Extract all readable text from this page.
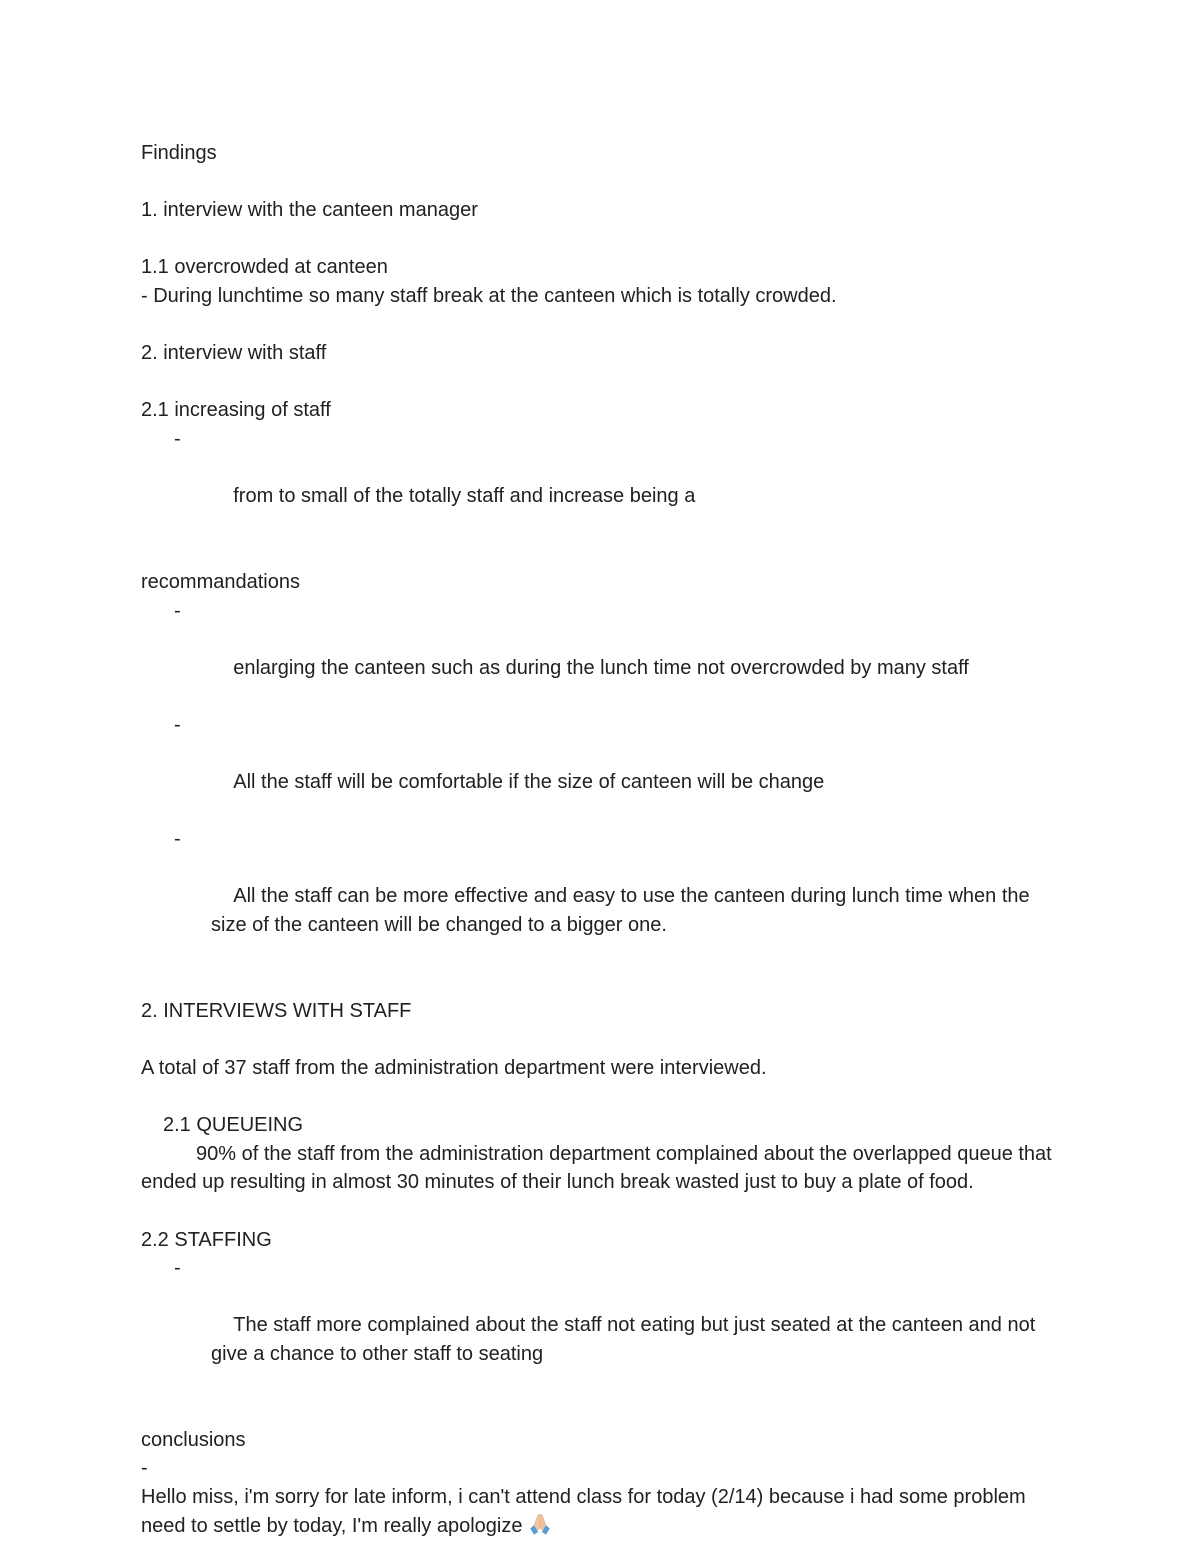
Findings
1. interview with the canteen manager
1.1 overcrowded at canteen
- During lunchtime so many staff break at the canteen which is totally crowded.
2. interview with staff
2.1 increasing of staff

-

from to small of the totally staff and increase being a

recommandations

-

enlarging the canteen such as during the lunch time not overcrowded by many staff

-

All the staff will be comfortable if the size of canteen will be change

-

All the staff can be more effective and easy to use the canteen during lunch time when the size of the canteen will be changed to a bigger one.

2. INTERVIEWS WITH STAFF
A total of 37 staff from the administration department were interviewed.
2.1 QUEUEING
90% of the staff from the administration department complained about the overlapped queue that ended up resulting in almost 30 minutes of their lunch break wasted just to buy a plate of food.
2.2 STAFFING

-

The staff more complained about the staff not eating but just seated at the canteen and not give a chance to other staff to seating

conclusions
-
Hello miss, i'm sorry for late inform, i can't attend class for today (2/14) because i had some problem need to settle by today, I'm really apologize
